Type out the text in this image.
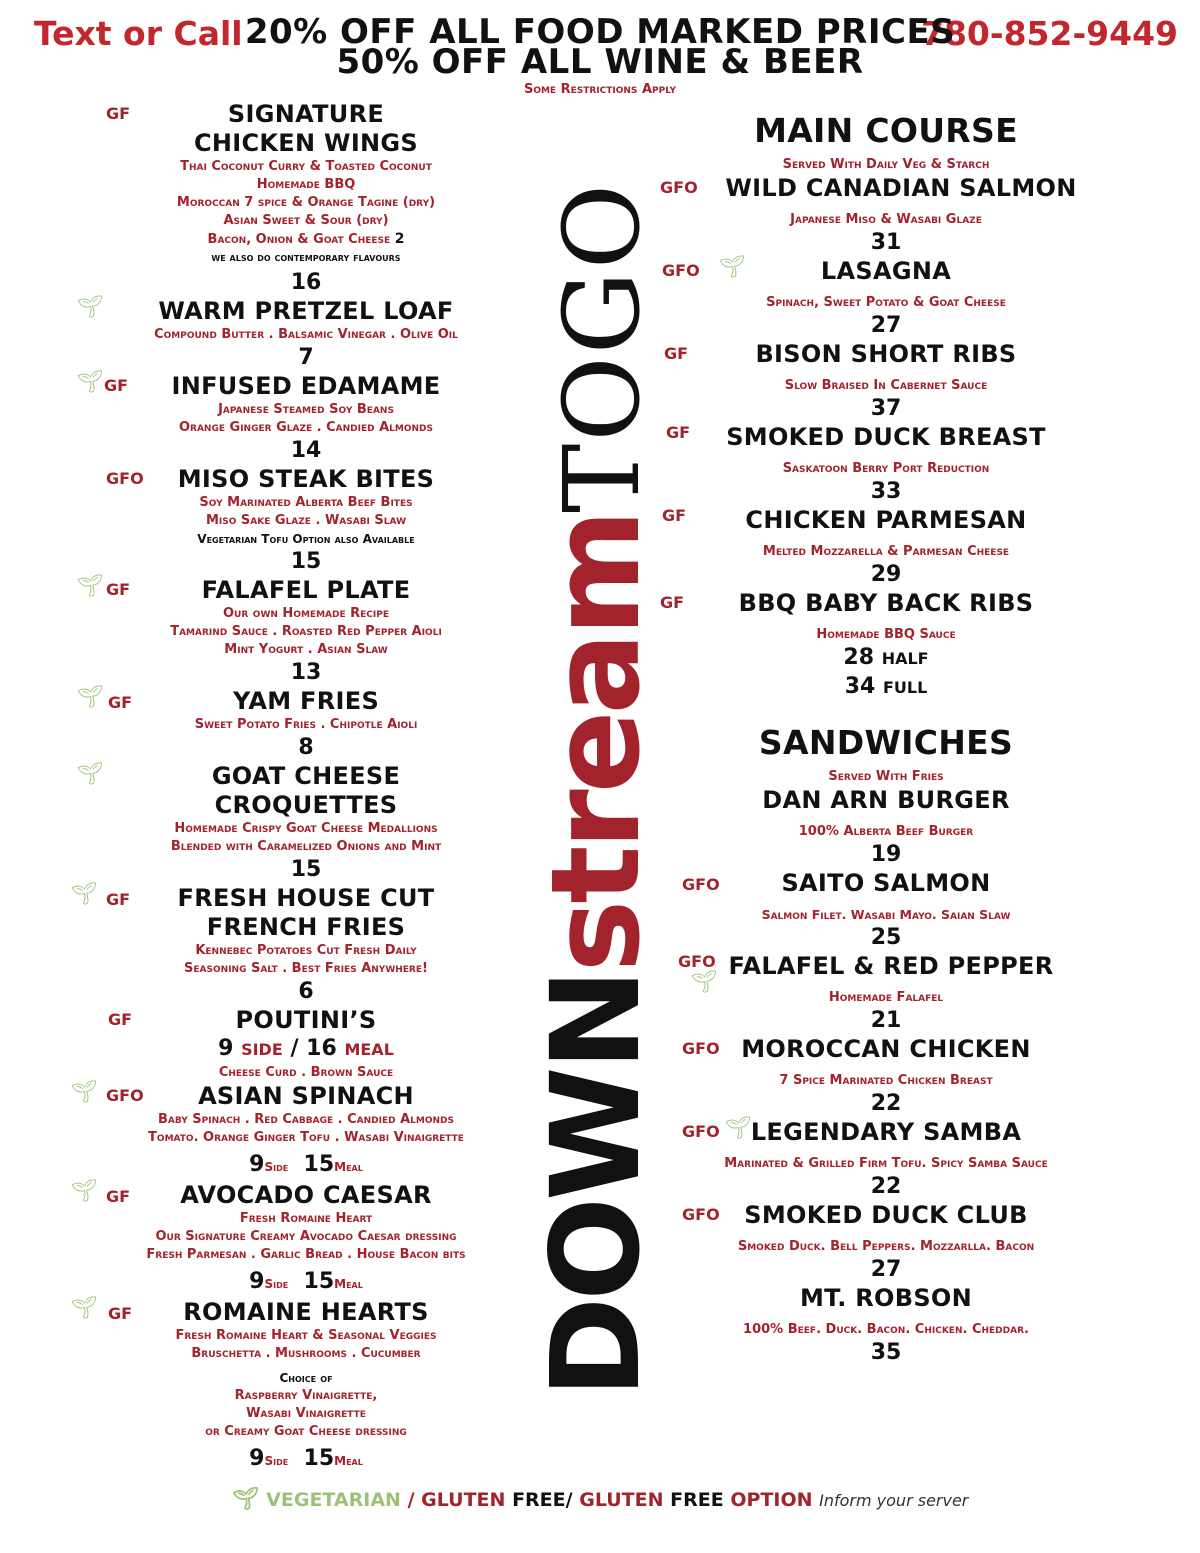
Text or Call	780-852-9449
20% OFF ALL FOOD MARKED PRICES
50% OFF ALL WINE & BEER
Some Restrictions Apply
DOWNstreamTOGO
GF	SIGNATURE
CHICKEN WINGS
Thai Coconut Curry & Toasted Coconut
Homemade BBQ
Moroccan 7 spice & Orange Tagine (dry)
Asian Sweet & Sour (dry)
Bacon, Onion & Goat Cheese 2
we also do contemporary flavours
16
🌱︎	WARM PRETZEL LOAF
Compound Butter . Balsamic Vinegar . Olive Oil
7
🌱︎ GF	INFUSED EDAMAME
Japanese Steamed Soy Beans
Orange Ginger Glaze . Candied Almonds
14
GFO	MISO STEAK BITES
Soy Marinated Alberta Beef Bites
Miso Sake Glaze . Wasabi Slaw
Vegetarian Tofu Option also Available
15
🌱︎ GF	FALAFEL PLATE
Our own Homemade Recipe
Tamarind Sauce . Roasted Red Pepper Aioli
Mint Yogurt . Asian Slaw
13
🌱︎ GF	YAM FRIES
Sweet Potato Fries . Chipotle Aioli
8
🌱︎	GOAT CHEESE
CROQUETTES
Homemade Crispy Goat Cheese Medallions
Blended with Caramelized Onions and Mint
15
🌱︎ GF	FRESH HOUSE CUT
FRENCH FRIES
Kennebec Potatoes Cut Fresh Daily
Seasoning Salt . Best Fries Anywhere!
6
GF	POUTINI’S
9 SIDE / 16 MEAL
Cheese Curd . Brown Sauce
🌱︎ GFO	ASIAN SPINACH
Baby Spinach . Red Cabbage . Candied Almonds
Tomato. Orange Ginger Tofu . Wasabi Vinaigrette
9Side 15Meal
🌱︎ GF	AVOCADO CAESAR
Fresh Romaine Heart
Our Signature Creamy Avocado Caesar dressing
Fresh Parmesan . Garlic Bread . House Bacon bits
9Side 15Meal
🌱︎ GF	ROMAINE HEARTS
Fresh Romaine Heart & Seasonal Veggies
Bruschetta . Mushrooms . Cucumber
Choice of
Raspberry Vinaigrette,
Wasabi Vinaigrette
or Creamy Goat Cheese dressing
9Side 15Meal
MAIN COURSE
Served With Daily Veg & Starch
GFO	WILD CANADIAN SALMON
Japanese Miso & Wasabi Glaze
31
GFO 🌱︎	LASAGNA
Spinach, Sweet Potato & Goat Cheese
27
GF	BISON SHORT RIBS
Slow Braised In Cabernet Sauce
37
GF	SMOKED DUCK BREAST
Saskatoon Berry Port Reduction
33
GF	CHICKEN PARMESAN
Melted Mozzarella & Parmesan Cheese
29
GF	BBQ BABY BACK RIBS
Homemade BBQ Sauce
28 HALF
34 FULL
SANDWICHES
Served With Fries
DAN ARN BURGER
100% Alberta Beef Burger
19
GFO	SAITO SALMON
Salmon Filet. Wasabi Mayo. Saian Slaw
25
GFO
🌱︎
FALAFEL & RED PEPPER
Homemade Falafel
21
GFO MOROCCAN CHICKEN
7 Spice Marinated Chicken Breast
22
GFO 🌱︎
LEGENDARY SAMBA
Marinated & Grilled Firm Tofu. Spicy Samba Sauce
22
GFO	SMOKED DUCK CLUB
Smoked Duck. Bell Peppers. Mozzarlla. Bacon
27
MT. ROBSON
100% Beef. Duck. Bacon. Chicken. Cheddar.
35
🌱︎ VEGETARIAN / GLUTEN FREE/ GLUTEN FREE OPTION Inform your server
